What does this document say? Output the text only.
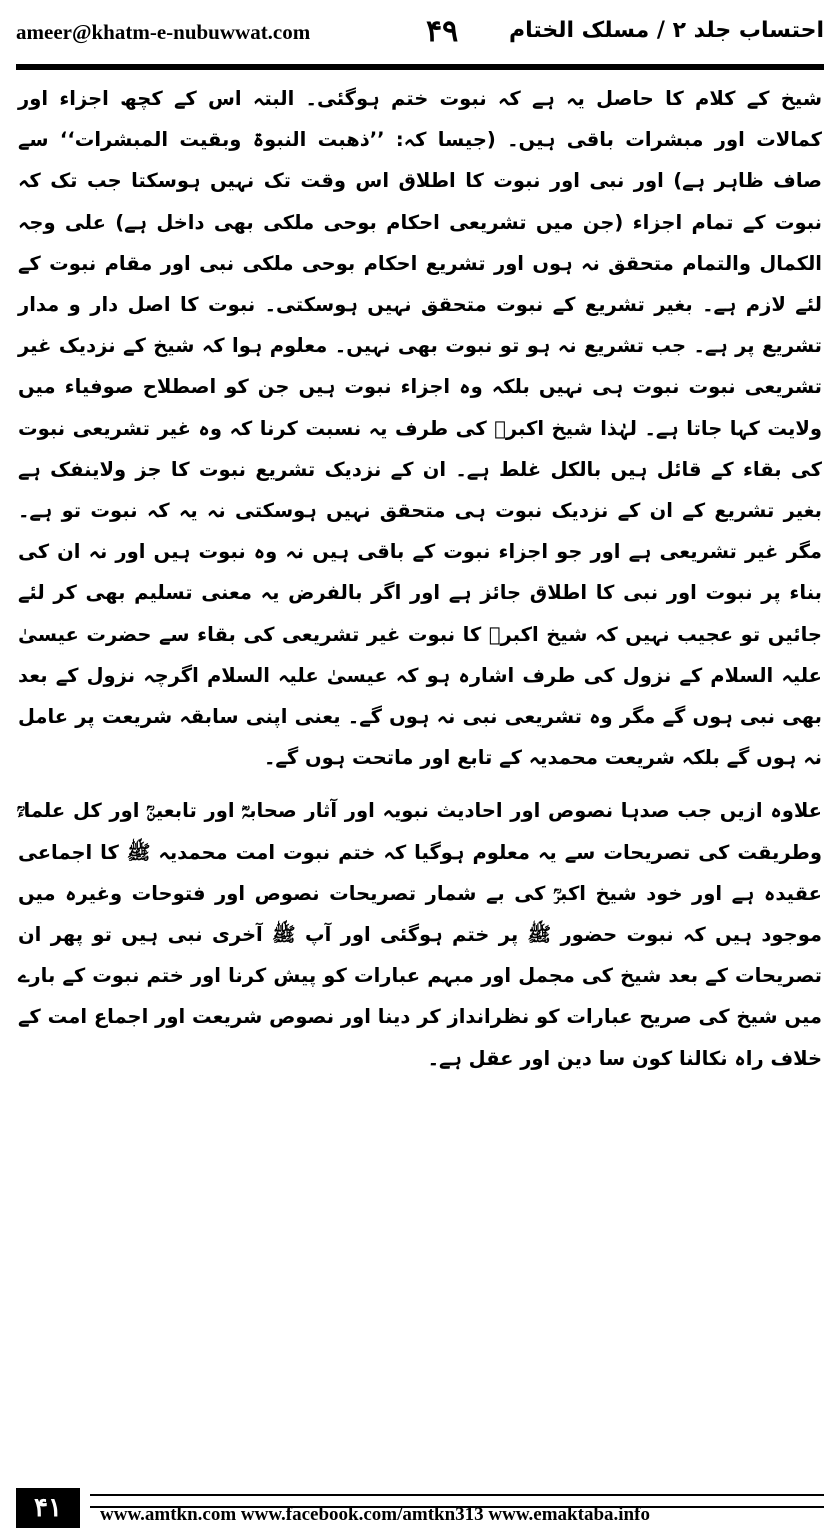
ameer@khatm-e-nubuwwat.com	۴۹ احتساب جلد ۲ / مسلک الختام

شیخ کے کلام کا حاصل یہ ہے کہ نبوت ختم ہوگئی۔ البتہ اس کے کچھ اجزاء اور کمالات اور مبشرات باقی ہیں۔ (جیسا کہ: ’’ذھبت النبوۃ وبقیت المبشرات‘‘ سے صاف ظاہر ہے) اور نبی اور نبوت کا اطلاق اس وقت تک نہیں ہوسکتا جب تک کہ نبوت کے تمام اجزاء (جن میں تشریعی احکام بوحی ملکی بھی داخل ہے) علی وجہ الکمال والتمام متحقق نہ ہوں اور تشریع احکام بوحی ملکی نبی اور مقام نبوت کے لئے لازم ہے۔ بغیر تشریع کے نبوت متحقق نہیں ہوسکتی۔ نبوت کا اصل دار و مدار تشریع پر ہے۔ جب تشریع نہ ہو تو نبوت بھی نہیں۔ معلوم ہوا کہ شیخ کے نزدیک غیر تشریعی نبوت نبوت ہی نہیں بلکہ وہ اجزاء نبوت ہیں جن کو اصطلاح صوفیاء میں ولایت کہا جاتا ہے۔ لہٰذا شیخ اکبرؒ کی طرف یہ نسبت کرنا کہ وہ غیر تشریعی نبوت کی بقاء کے قائل ہیں بالکل غلط ہے۔ ان کے نزدیک تشریع نبوت کا جز ولاینفک ہے بغیر تشریع کے ان کے نزدیک نبوت ہی متحقق نہیں ہوسکتی نہ یہ کہ نبوت تو ہے۔ مگر غیر تشریعی ہے اور جو اجزاء نبوت کے باقی ہیں نہ وہ نبوت ہیں اور نہ ان کی بناء پر نبوت اور نبی کا اطلاق جائز ہے اور اگر بالفرض یہ معنی تسلیم بھی کر لئے جائیں تو عجیب نہیں کہ شیخ اکبرؒ کا نبوت غیر تشریعی کی بقاء سے حضرت عیسیٰ علیہ السلام کے نزول کی طرف اشارہ ہو کہ عیسیٰ علیہ السلام اگرچہ نزول کے بعد بھی نبی ہوں گے مگر وہ تشریعی نبی نہ ہوں گے۔ یعنی اپنی سابقہ شریعت پر عامل نہ ہوں گے بلکہ شریعت محمدیہ کے تابع اور ماتحت ہوں گے۔

علاوہ ازیں جب صدہا نصوص اور احادیث نبویہ اور آثار صحابہؓ اور تابعینؒ اور کل علماءؒ وطریقت کی تصریحات سے یہ معلوم ہوگیا کہ ختم نبوت امت محمدیہ ﷺ کا اجماعی عقیدہ ہے اور خود شیخ اکبرؒ کی بے شمار تصریحات نصوص اور فتوحات وغیرہ میں موجود ہیں کہ نبوت حضور ﷺ پر ختم ہوگئی اور آپ ﷺ آخری نبی ہیں تو پھر ان تصریحات کے بعد شیخ کی مجمل اور مبہم عبارات کو پیش کرنا اور ختم نبوت کے بارے میں شیخ کی صریح عبارات کو نظرانداز کر دینا اور نصوص شریعت اور اجماع امت کے خلاف راہ نکالنا کون سا دین اور عقل ہے۔

۴۱	www.amtkn.com www.facebook.com/amtkn313 www.emaktaba.info
